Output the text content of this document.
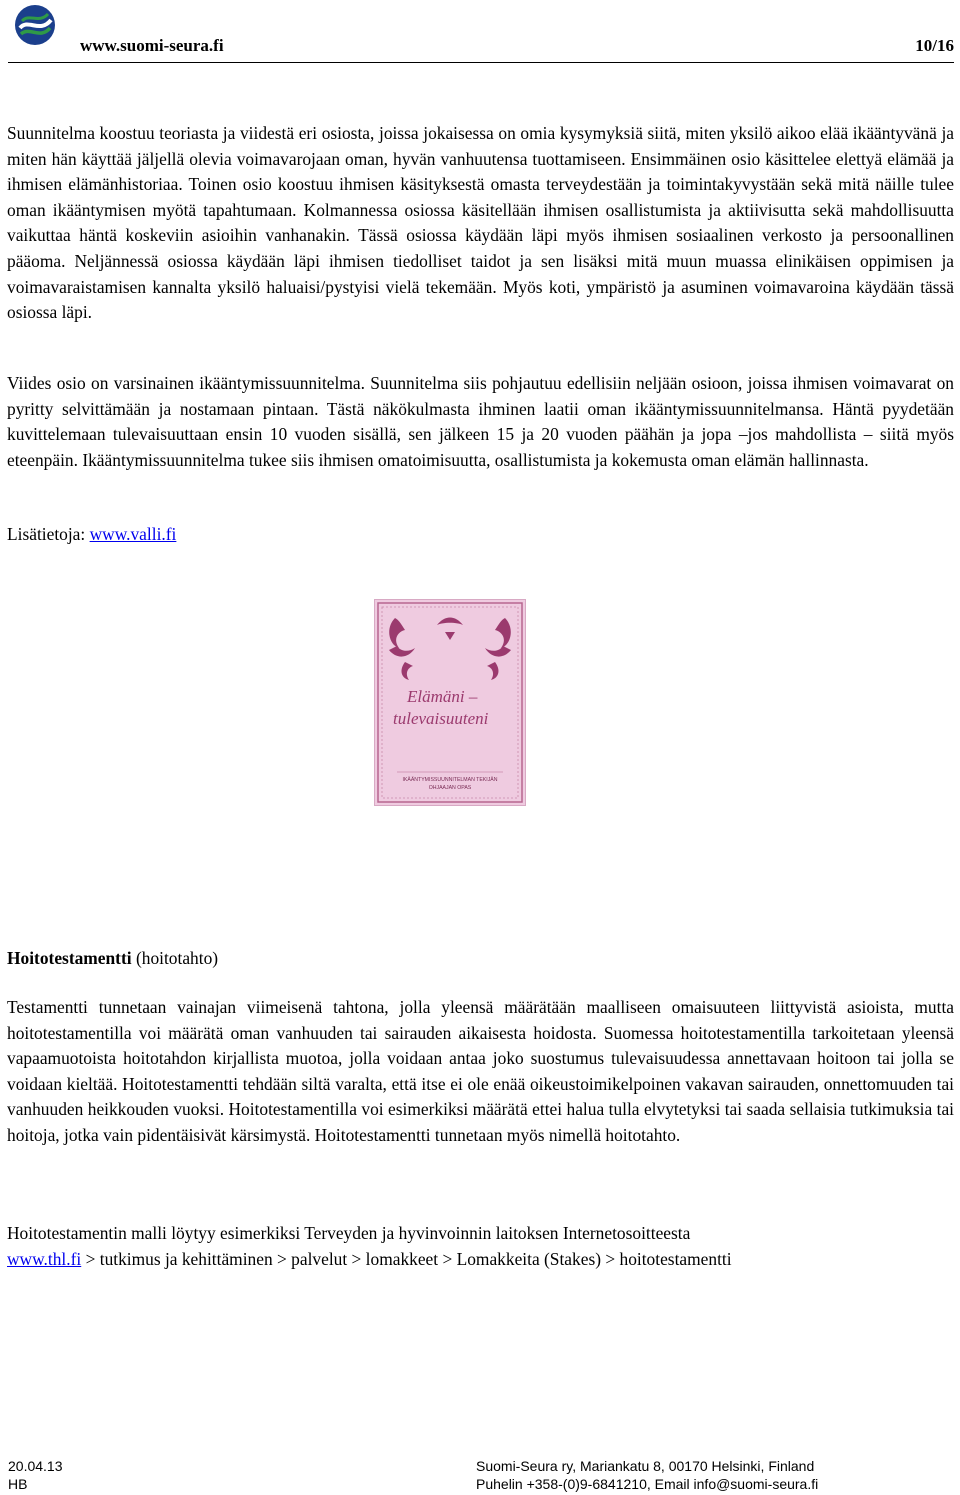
www.suomi-seura.fi	10/16
Suunnitelma koostuu teoriasta ja viidestä eri osiosta, joissa jokaisessa on omia kysymyksiä siitä, miten yksilö aikoo elää ikääntyvänä ja miten hän käyttää jäljellä olevia voimavarojaan oman, hyvän vanhuutensa tuottamiseen. Ensimmäinen osio käsittelee elettyä elämää ja ihmisen elämänhistoriaa. Toinen osio koostuu ihmisen käsityksestä omasta terveydestään ja toimintakyvystään sekä mitä näille tulee oman ikääntymisen myötä tapahtumaan. Kolmannessa osiossa käsitellään ihmisen osallistumista ja aktiivisutta sekä mahdollisuutta vaikuttaa häntä koskeviin asioihin vanhanakin. Tässä osiossa käydään läpi myös ihmisen sosiaalinen verkosto ja persoonallinen pääoma. Neljännessä osiossa käydään läpi ihmisen tiedolliset taidot ja sen lisäksi mitä muun muassa elinikäisen oppimisen ja voimavaraistamisen kannalta yksilö haluaisi/pystyisi vielä tekemään. Myös koti, ympäristö ja asuminen voimavaroina käydään tässä osiossa läpi.
Viides osio on varsinainen ikääntymissuunnitelma. Suunnitelma siis pohjautuu edellisiin neljään osioon, joissa ihmisen voimavarat on pyritty selvittämään ja nostamaan pintaan. Tästä näkökulmasta ihminen laatii oman ikääntymissuunnitelmansa. Häntä pyydetään kuvittelemaan tulevaisuuttaan ensin 10 vuoden sisällä, sen jälkeen 15 ja 20 vuoden päähän ja jopa –jos mahdollista – siitä myös eteenpäin. Ikääntymissuunnitelma tukee siis ihmisen omatoimisuutta, osallistumista ja kokemusta oman elämän hallinnasta.
Lisätietoja: www.valli.fi
Elämäni –
tulevaisuuteni
IKÄÄNTYMISSUUNNITELMAN TEKIJÄN
OHJAAJAN OPAS
Hoitotestamentti (hoitotahto)
Testamentti tunnetaan vainajan viimeisenä tahtona, jolla yleensä määrätään maalliseen omaisuuteen liittyvistä asioista, mutta hoitotestamentilla voi määrätä oman vanhuuden tai sairauden aikaisesta hoidosta. Suomessa hoitotestamentilla tarkoitetaan yleensä vapaamuotoista hoitotahdon kirjallista muotoa, jolla voidaan antaa joko suostumus tulevaisuudessa annettavaan hoitoon tai jolla se voidaan kieltää. Hoitotestamentti tehdään siltä varalta, että itse ei ole enää oikeustoimikelpoinen vakavan sairauden, onnettomuuden tai vanhuuden heikkouden vuoksi. Hoitotestamentilla voi esimerkiksi määrätä ettei halua tulla elvytetyksi tai saada sellaisia tutkimuksia tai hoitoja, jotka vain pidentäisivät kärsimystä. Hoitotestamentti tunnetaan myös nimellä hoitotahto.
Hoitotestamentin malli löytyy esimerkiksi Terveyden ja hyvinvoinnin laitoksen Internetosoitteesta
www.thl.fi > tutkimus ja kehittäminen > palvelut > lomakkeet > Lomakkeita (Stakes) > hoitotestamentti
20.04.13
HB
Suomi-Seura ry, Mariankatu 8, 00170 Helsinki, Finland
Puhelin +358-(0)9-6841210, Email info@suomi-seura.fi
